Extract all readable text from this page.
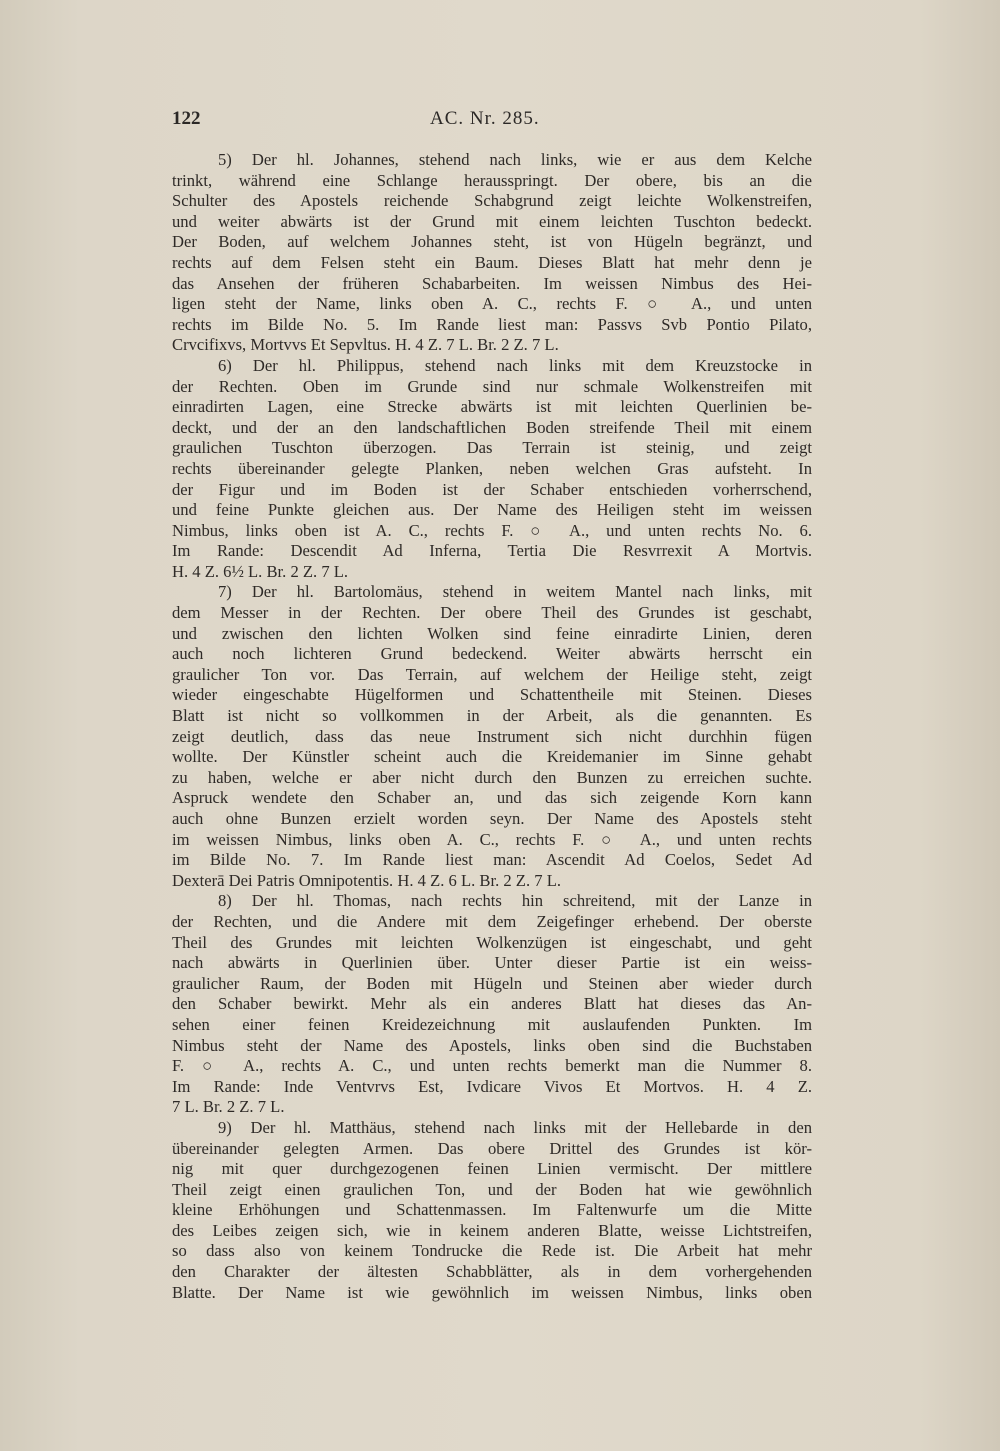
122	AC. Nr. 285.
5) Der hl. Johannes, stehend nach links, wie er aus dem Kelche
trinkt, während eine Schlange herausspringt. Der obere, bis an die
Schulter des Apostels reichende Schabgrund zeigt leichte Wolkenstreifen,
und weiter abwärts ist der Grund mit einem leichten Tuschton bedeckt.
Der Boden, auf welchem Johannes steht, ist von Hügeln begränzt, und
rechts auf dem Felsen steht ein Baum. Dieses Blatt hat mehr denn je
das Ansehen der früheren Schabarbeiten. Im weissen Nimbus des Hei-
ligen steht der Name, links oben A. C., rechts F. ○ A., und unten
rechts im Bilde No. 5. Im Rande liest man: Passvs Svb Pontio Pilato,
Crvcifixvs, Mortvvs Et Sepvltus. H. 4 Z. 7 L. Br. 2 Z. 7 L.
6) Der hl. Philippus, stehend nach links mit dem Kreuzstocke in
der Rechten. Oben im Grunde sind nur schmale Wolkenstreifen mit
einradirten Lagen, eine Strecke abwärts ist mit leichten Querlinien be-
deckt, und der an den landschaftlichen Boden streifende Theil mit einem
graulichen Tuschton überzogen. Das Terrain ist steinig, und zeigt
rechts übereinander gelegte Planken, neben welchen Gras aufsteht. In
der Figur und im Boden ist der Schaber entschieden vorherrschend,
und feine Punkte gleichen aus. Der Name des Heiligen steht im weissen
Nimbus, links oben ist A. C., rechts F. ○ A., und unten rechts No. 6.
Im Rande: Descendit Ad Inferna, Tertia Die Resvrrexit A Mortvis.
H. 4 Z. 6½ L. Br. 2 Z. 7 L.
7) Der hl. Bartolomäus, stehend in weitem Mantel nach links, mit
dem Messer in der Rechten. Der obere Theil des Grundes ist geschabt,
und zwischen den lichten Wolken sind feine einradirte Linien, deren
auch noch lichteren Grund bedeckend. Weiter abwärts herrscht ein
graulicher Ton vor. Das Terrain, auf welchem der Heilige steht, zeigt
wieder eingeschabte Hügelformen und Schattentheile mit Steinen. Dieses
Blatt ist nicht so vollkommen in der Arbeit, als die genannten. Es
zeigt deutlich, dass das neue Instrument sich nicht durchhin fügen
wollte. Der Künstler scheint auch die Kreidemanier im Sinne gehabt
zu haben, welche er aber nicht durch den Bunzen zu erreichen suchte.
Aspruck wendete den Schaber an, und das sich zeigende Korn kann
auch ohne Bunzen erzielt worden seyn. Der Name des Apostels steht
im weissen Nimbus, links oben A. C., rechts F. ○ A., und unten rechts
im Bilde No. 7. Im Rande liest man: Ascendit Ad Coelos, Sedet Ad
Dexterā Dei Patris Omnipotentis. H. 4 Z. 6 L. Br. 2 Z. 7 L.
8) Der hl. Thomas, nach rechts hin schreitend, mit der Lanze in
der Rechten, und die Andere mit dem Zeigefinger erhebend. Der oberste
Theil des Grundes mit leichten Wolkenzügen ist eingeschabt, und geht
nach abwärts in Querlinien über. Unter dieser Partie ist ein weiss-
graulicher Raum, der Boden mit Hügeln und Steinen aber wieder durch
den Schaber bewirkt. Mehr als ein anderes Blatt hat dieses das An-
sehen einer feinen Kreidezeichnung mit auslaufenden Punkten. Im
Nimbus steht der Name des Apostels, links oben sind die Buchstaben
F. ○ A., rechts A. C., und unten rechts bemerkt man die Nummer 8.
Im Rande: Inde Ventvrvs Est, Ivdicare Vivos Et Mortvos. H. 4 Z.
7 L. Br. 2 Z. 7 L.
9) Der hl. Matthäus, stehend nach links mit der Hellebarde in den
übereinander gelegten Armen. Das obere Drittel des Grundes ist kör-
nig mit quer durchgezogenen feinen Linien vermischt. Der mittlere
Theil zeigt einen graulichen Ton, und der Boden hat wie gewöhnlich
kleine Erhöhungen und Schattenmassen. Im Faltenwurfe um die Mitte
des Leibes zeigen sich, wie in keinem anderen Blatte, weisse Lichtstreifen,
so dass also von keinem Tondrucke die Rede ist. Die Arbeit hat mehr
den Charakter der ältesten Schabblätter, als in dem vorhergehenden
Blatte. Der Name ist wie gewöhnlich im weissen Nimbus, links oben
